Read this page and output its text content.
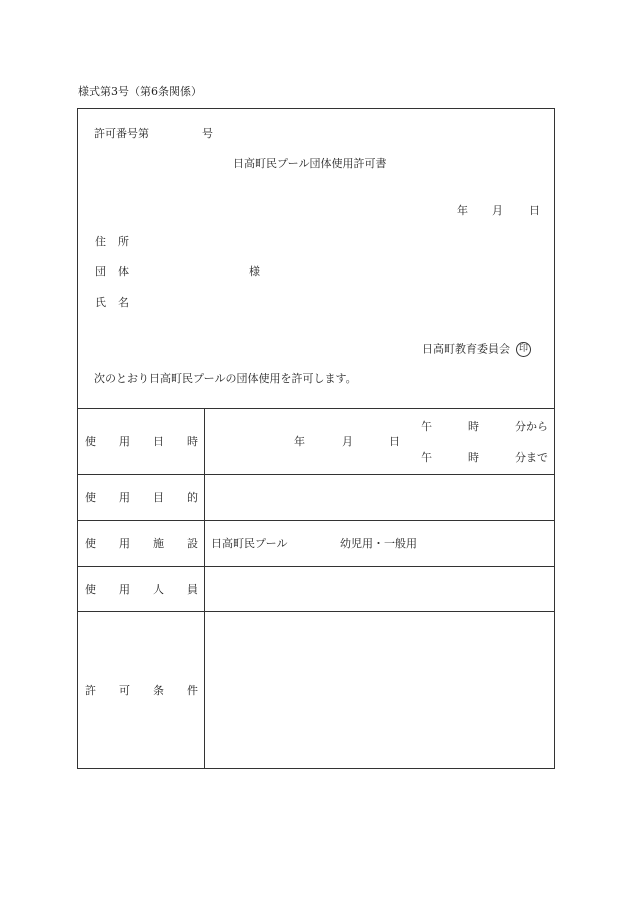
様式第3号（第6条関係）
許可番号第	号
日高町民プール団体使用許可書
年 月 日
住 所
団 体	様
氏 名
日高町教育委員会 印
次のとおり日高町民プールの団体使用を許可します。
使 用 日 時	年	月	日
午	時	分から
午	時	分まで
使 用 目 的
使 用 施 設 日高町民プール	幼児用・一般用
使 用 人 員
許 可 条 件
